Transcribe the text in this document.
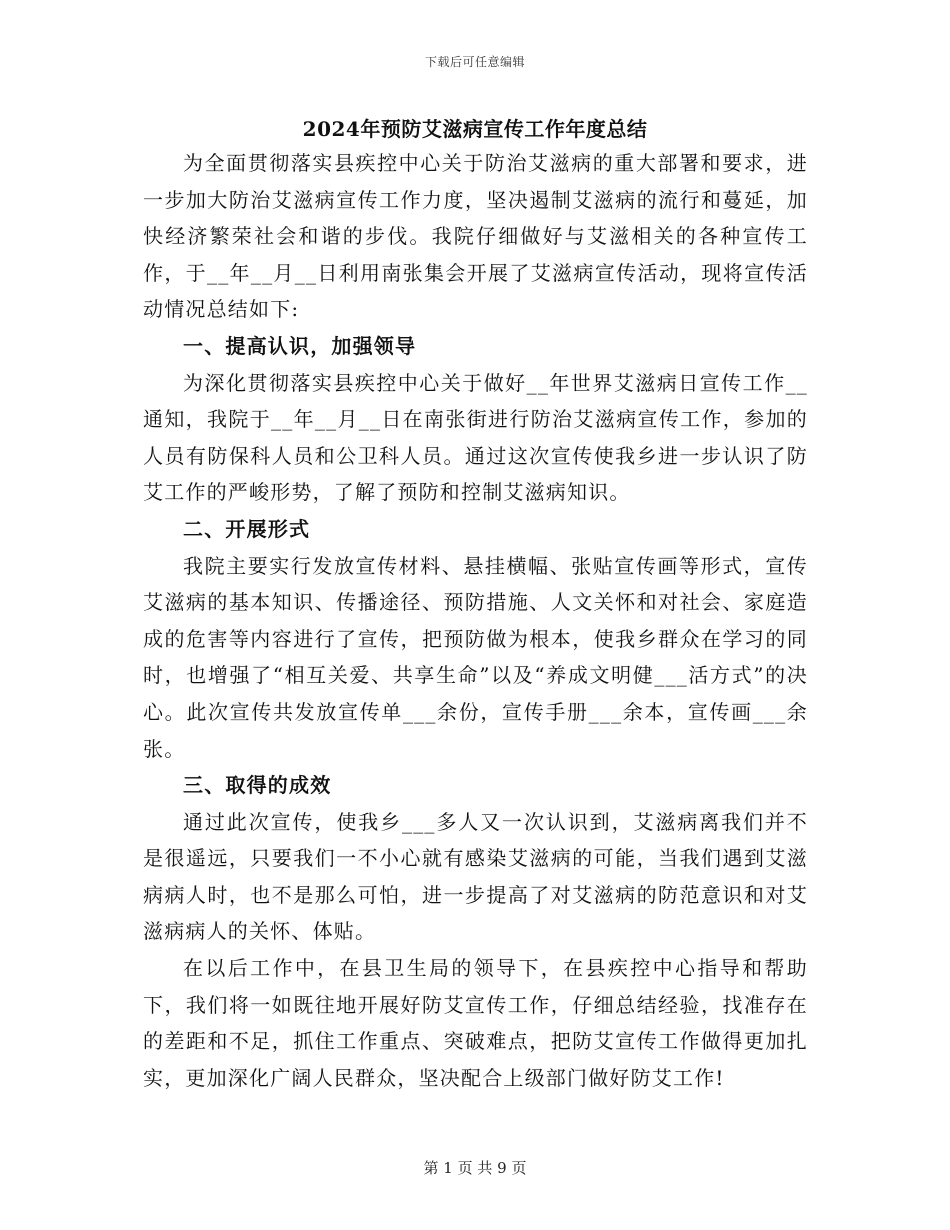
下载后可任意编辑
2024年预防艾滋病宣传工作年度总结

为全面贯彻落实县疾控中心关于防治艾滋病的重大部署和要求，进一步加大防治艾滋病宣传工作力度，坚决遏制艾滋病的流行和蔓延，加快经济繁荣社会和谐的步伐。我院仔细做好与艾滋相关的各种宣传工作，于__年__月__日利用南张集会开展了艾滋病宣传活动，现将宣传活动情况总结如下:

一、提高认识，加强领导

为深化贯彻落实县疾控中心关于做好__年世界艾滋病日宣传工作__通知，我院于__年__月__日在南张街进行防治艾滋病宣传工作，参加的人员有防保科人员和公卫科人员。通过这次宣传使我乡进一步认识了防艾工作的严峻形势，了解了预防和控制艾滋病知识。

二、开展形式

我院主要实行发放宣传材料、悬挂横幅、张贴宣传画等形式，宣传艾滋病的基本知识、传播途径、预防措施、人文关怀和对社会、家庭造成的危害等内容进行了宣传，把预防做为根本，使我乡群众在学习的同时，也增强了“相互关爱、共享生命”以及“养成文明健___活方式”的决心。此次宣传共发放宣传单___余份，宣传手册___余本，宣传画___余张。

三、取得的成效

通过此次宣传，使我乡___多人又一次认识到，艾滋病离我们并不是很遥远，只要我们一不小心就有感染艾滋病的可能，当我们遇到艾滋病病人时，也不是那么可怕，进一步提高了对艾滋病的防范意识和对艾滋病病人的关怀、体贴。

在以后工作中，在县卫生局的领导下，在县疾控中心指导和帮助下，我们将一如既往地开展好防艾宣传工作，仔细总结经验，找准存在的差距和不足，抓住工作重点、突破难点，把防艾宣传工作做得更加扎实，更加深化广阔人民群众，坚决配合上级部门做好防艾工作!

第 1 页 共 9 页
